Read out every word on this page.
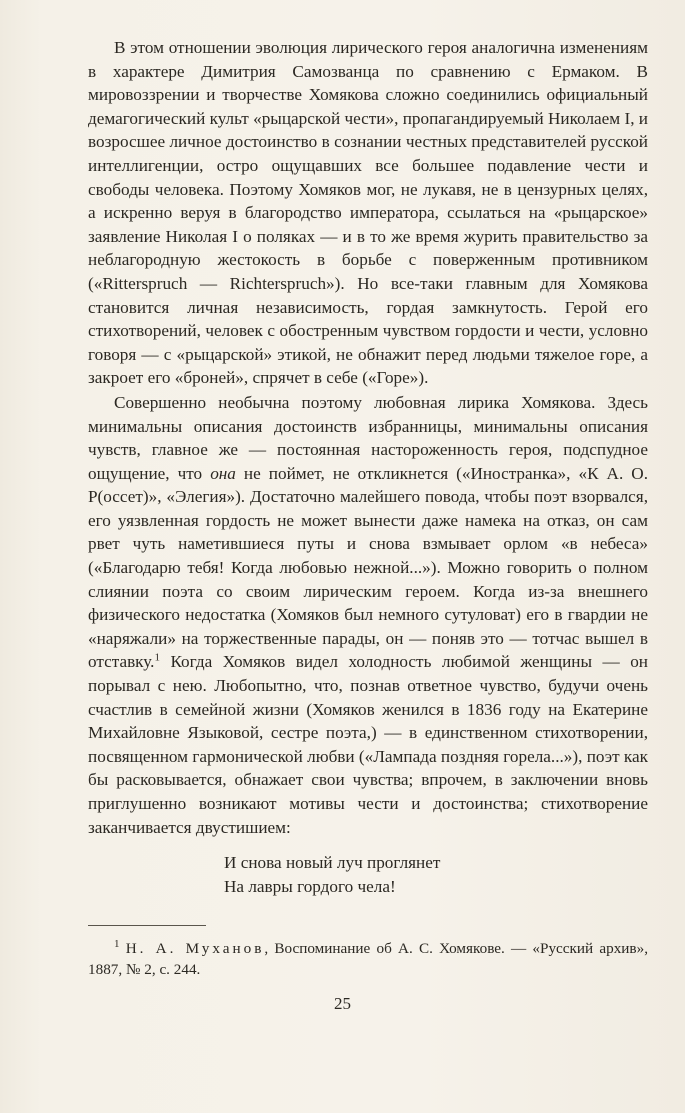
В этом отношении эволюция лирического героя аналогична изменениям в характере Димитрия Самозванца по сравнению с Ермаком. В мировоззрении и творчестве Хомякова сложно соединились официальный демагогический культ «рыцарской чести», пропагандируемый Николаем I, и возросшее личное достоинство в сознании честных представителей русской интеллигенции, остро ощущавших все большее подавление чести и свободы человека. Поэтому Хомяков мог, не лукавя, не в цензурных целях, а искренно веруя в благородство императора, ссылаться на «рыцарское» заявление Николая I о поляках — и в то же время журить правительство за неблагородную жестокость в борьбе с поверженным противником («Rittersprucһ — Richterspruch»). Но все-таки главным для Хомякова становится личная независимость, гордая замкнутость. Герой его стихотворений, человек с обостренным чувством гордости и чести, условно говоря — с «рыцарской» этикой, не обнажит перед людьми тяжелое горе, а закроет его «броней», спрячет в себе («Горе»).

Совершенно необычна поэтому любовная лирика Хомякова. Здесь минимальны описания достоинств избранницы, минимальны описания чувств, главное же — постоянная настороженность героя, подспудное ощущение, что она не поймет, не откликнется («Иностранка», «К А. О. Р(оссет)», «Элегия»). Достаточно малейшего повода, чтобы поэт взорвался, его уязвленная гордость не может вынести даже намека на отказ, он сам рвет чуть наметившиеся путы и снова взмывает орлом «в небеса» («Благодарю тебя! Когда любовью нежной...»). Можно говорить о полном слиянии поэта со своим лирическим героем. Когда из-за внешнего физического недостатка (Хомяков был немного сутуловат) его в гвардии не «наряжали» на торжественные парады, он — поняв это — тотчас вышел в отставку.$^1$ Когда Хомяков видел холодность любимой женщины — он порывал с нею. Любопытно, что, познав ответное чувство, будучи очень счастлив в семейной жизни (Хомяков женился в 1836 году на Екатерине Михайловне Языковой, сестре поэта,) — в единственном стихотворении, посвященном гармонической любви («Лампада поздняя горела...»), поэт как бы расковывается, обнажает свои чувства; впрочем, в заключении вновь приглушенно возникают мотивы чести и достоинства; стихотворение заканчивается двустишием:

И снова новый луч проглянет
На лавры гордого чела!

$^1$ Н. А. Муханов, Воспоминание об А. С. Хомякове. — «Русский архив», 1887, № 2, с. 244.

25
